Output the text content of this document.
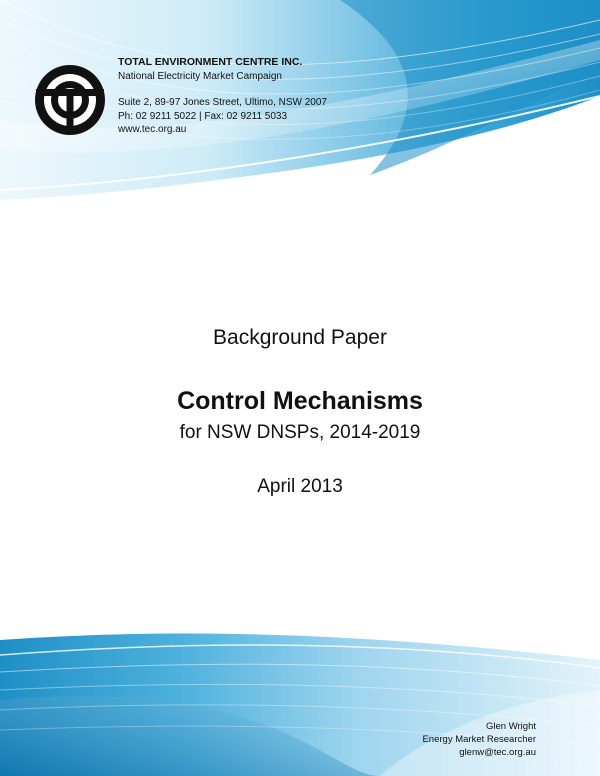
TOTAL ENVIRONMENT CENTRE INC.
National Electricity Market Campaign
Suite 2, 89-97 Jones Street, Ultimo, NSW 2007
Ph: 02 9211 5022 | Fax: 02 9211 5033
www.tec.org.au
Background Paper
Control Mechanisms
for NSW DNSPs, 2014-2019
April 2013
Glen Wright
Energy Market Researcher
glenw@tec.org.au
